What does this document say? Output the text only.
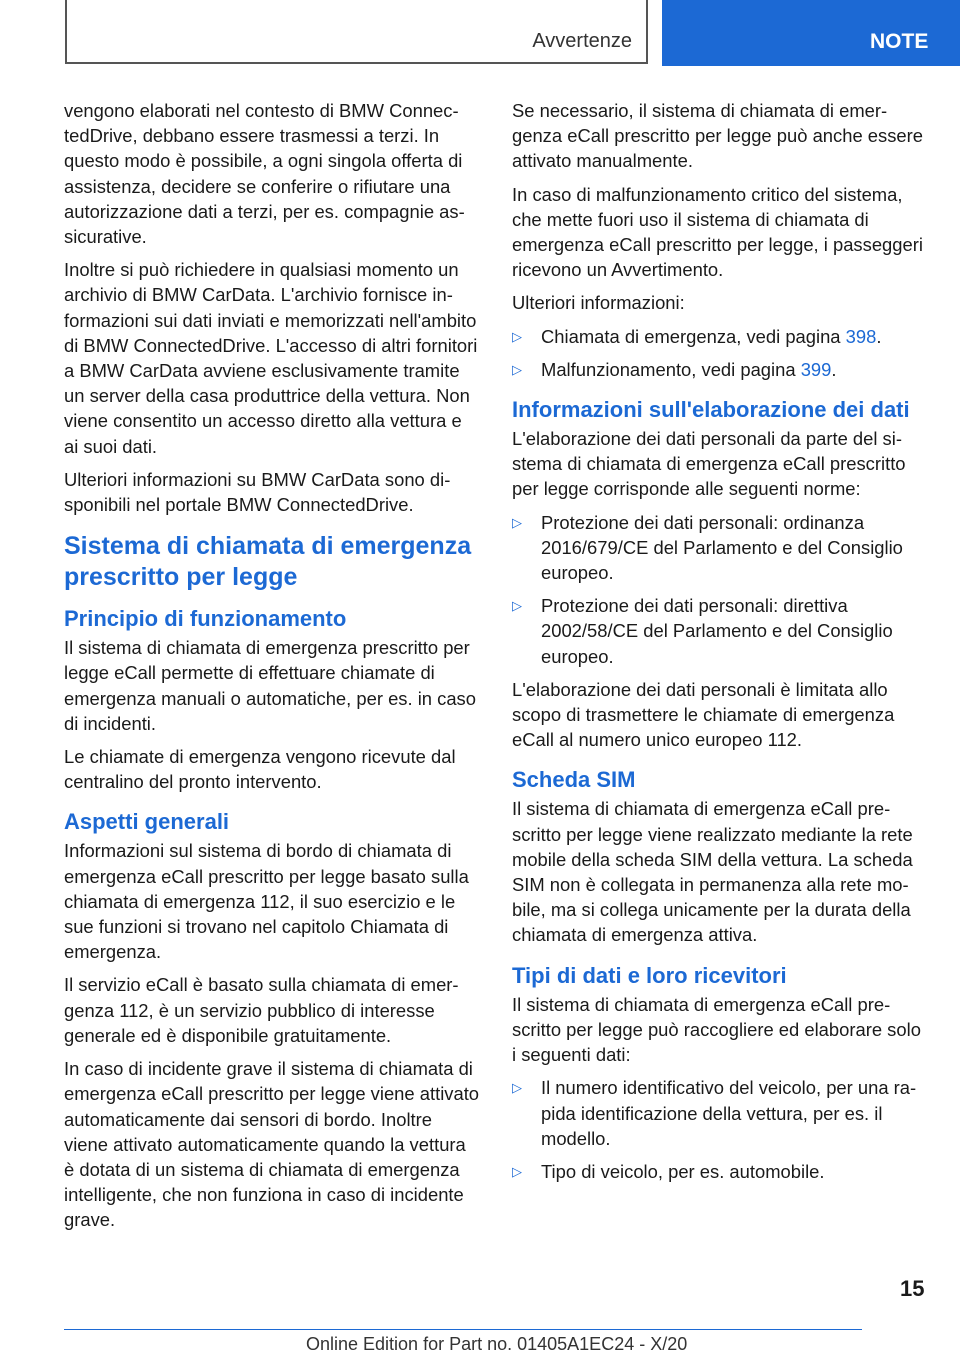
Avvertenze	NOTE

vengono elaborati nel contesto di BMW ConnectedDrive, debbano essere trasmessi a terzi. In questo modo è possibile, a ogni singola offerta di assistenza, decidere se conferire o rifiutare una autorizzazione dati a terzi, per es. compagnie assicurative.

Inoltre si può richiedere in qualsiasi momento un archivio di BMW CarData. L'archivio fornisce informazioni sui dati inviati e memorizzati nell'ambito di BMW ConnectedDrive. L'accesso di altri fornitori a BMW CarData avviene esclusivamente tramite un server della casa produttrice della vettura. Non viene consentito un accesso diretto alla vettura e ai suoi dati.

Ulteriori informazioni su BMW CarData sono disponibili nel portale BMW ConnectedDrive.

Sistema di chiamata di emergenza prescritto per legge
Principio di funzionamento

Il sistema di chiamata di emergenza prescritto per legge eCall permette di effettuare chiamate di emergenza manuali o automatiche, per es. in caso di incidenti.

Le chiamate di emergenza vengono ricevute dal centralino del pronto intervento.

Aspetti generali

Informazioni sul sistema di bordo di chiamata di emergenza eCall prescritto per legge basato sulla chiamata di emergenza 112, il suo esercizio e le sue funzioni si trovano nel capitolo Chiamata di emergenza.

Il servizio eCall è basato sulla chiamata di emergenza 112, è un servizio pubblico di interesse generale ed è disponibile gratuitamente.

In caso di incidente grave il sistema di chiamata di emergenza eCall prescritto per legge viene attivato automaticamente dai sensori di bordo. Inoltre viene attivato automaticamente quando la vettura è dotata di un sistema di chiamata di emergenza intelligente, che non funziona in caso di incidente grave.

Se necessario, il sistema di chiamata di emergenza eCall prescritto per legge può anche essere attivato manualmente.

In caso di malfunzionamento critico del sistema, che mette fuori uso il sistema di chiamata di emergenza eCall prescritto per legge, i passeggeri ricevono un Avvertimento.

Ulteriori informazioni:

▷ Chiamata di emergenza, vedi pagina 398.
▷ Malfunzionamento, vedi pagina 399.
Informazioni sull'elaborazione dei dati

L'elaborazione dei dati personali da parte del sistema di chiamata di emergenza eCall prescritto per legge corrisponde alle seguenti norme:

▷ Protezione dei dati personali: ordinanza 2016/679/CE del Parlamento e del Consiglio europeo.
▷ Protezione dei dati personali: direttiva 2002/58/CE del Parlamento e del Consiglio europeo.

L'elaborazione dei dati personali è limitata allo scopo di trasmettere le chiamate di emergenza eCall al numero unico europeo 112.

Scheda SIM

Il sistema di chiamata di emergenza eCall prescritto per legge viene realizzato mediante la rete mobile della scheda SIM della vettura. La scheda SIM non è collegata in permanenza alla rete mobile, ma si collega unicamente per la durata della chiamata di emergenza attiva.

Tipi di dati e loro ricevitori

Il sistema di chiamata di emergenza eCall prescritto per legge può raccogliere ed elaborare solo i seguenti dati:

▷ Il numero identificativo del veicolo, per una rapida identificazione della vettura, per es. il modello.
▷ Tipo di veicolo, per es. automobile.
15
Online Edition for Part no. 01405A1EC24 - X/20
